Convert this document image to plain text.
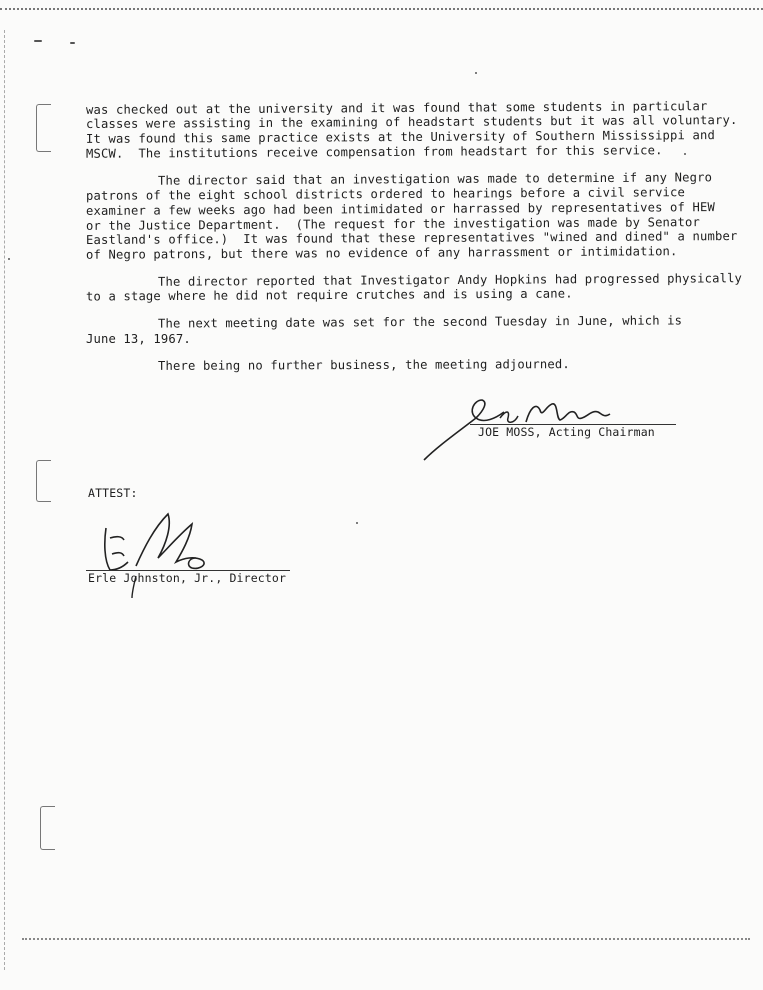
was checked out at the university and it was found that some students in particular
classes were assisting in the examining of headstart students but it was all voluntary.
It was found this same practice exists at the University of Southern Mississippi and
MSCW.  The institutions receive compensation from headstart for this service.
The director said that an investigation was made to determine if any Negro
patrons of the eight school districts ordered to hearings before a civil service
examiner a few weeks ago had been intimidated or harrassed by representatives of HEW
or the Justice Department.  (The request for the investigation was made by Senator
Eastland's office.)  It was found that these representatives "wined and dined" a number
of Negro patrons, but there was no evidence of any harrassment or intimidation.
The director reported that Investigator Andy Hopkins had progressed physically
to a stage where he did not require crutches and is using a cane.
The next meeting date was set for the second Tuesday in June, which is
June 13, 1967.
There being no further business, the meeting adjourned.
JOE MOSS, Acting Chairman
ATTEST:
Erle Johnston, Jr., Director
